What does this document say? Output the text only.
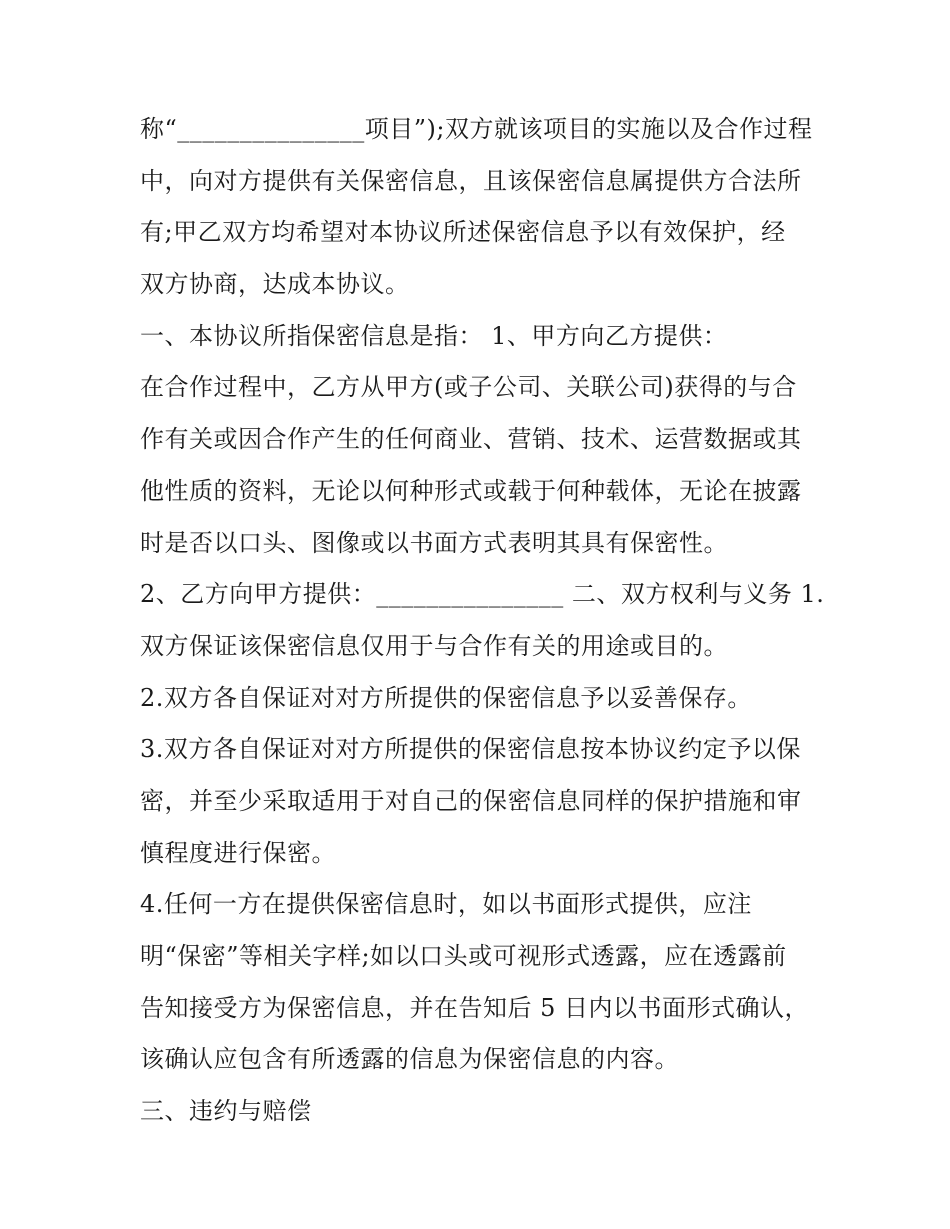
称“_______________项目”);双方就该项目的实施以及合作过程
中，向对方提供有关保密信息，且该保密信息属提供方合法所
有;甲乙双方均希望对本协议所述保密信息予以有效保护，经
双方协商，达成本协议。
一、本协议所指保密信息是指： 1、甲方向乙方提供：
在合作过程中，乙方从甲方(或子公司、关联公司)获得的与合
作有关或因合作产生的任何商业、营销、技术、运营数据或其
他性质的资料，无论以何种形式或载于何种载体，无论在披露
时是否以口头、图像或以书面方式表明其具有保密性。
2、乙方向甲方提供：_______________ 二、双方权利与义务 1.
双方保证该保密信息仅用于与合作有关的用途或目的。
2.双方各自保证对对方所提供的保密信息予以妥善保存。
3.双方各自保证对对方所提供的保密信息按本协议约定予以保
密，并至少采取适用于对自己的保密信息同样的保护措施和审
慎程度进行保密。
4.任何一方在提供保密信息时，如以书面形式提供，应注
明“保密”等相关字样;如以口头或可视形式透露，应在透露前
告知接受方为保密信息，并在告知后 5 日内以书面形式确认，
该确认应包含有所透露的信息为保密信息的内容。
三、违约与赔偿
